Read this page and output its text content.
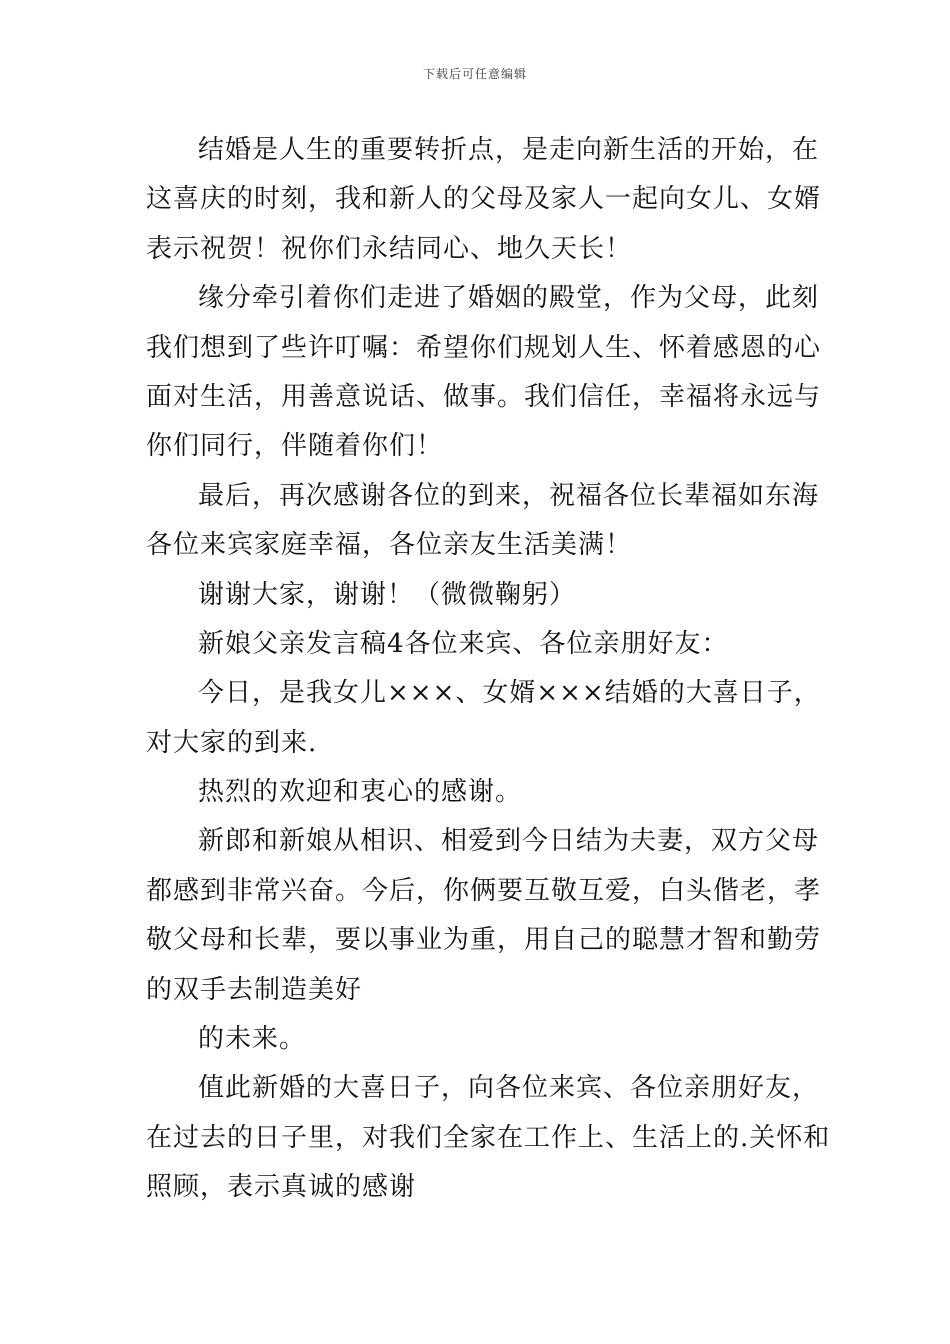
下载后可任意编辑
结婚是人生的重要转折点，是走向新生活的开始，在
这喜庆的时刻，我和新人的父母及家人一起向女儿、女婿
表示祝贺！祝你们永结同心、地久天长！
缘分牵引着你们走进了婚姻的殿堂，作为父母，此刻
我们想到了些许叮嘱：希望你们规划人生、怀着感恩的心
面对生活，用善意说话、做事。我们信任，幸福将永远与
你们同行，伴随着你们！
最后，再次感谢各位的到来，祝福各位长辈福如东海
各位来宾家庭幸福，各位亲友生活美满！
谢谢大家，谢谢！（微微鞠躬）
新娘父亲发言稿4各位来宾、各位亲朋好友：
今日，是我女儿×××、女婿×××结婚的大喜日子，
对大家的到来.
热烈的欢迎和衷心的感谢。
新郎和新娘从相识、相爱到今日结为夫妻，双方父母
都感到非常兴奋。今后，你俩要互敬互爱，白头偕老，孝
敬父母和长辈，要以事业为重，用自己的聪慧才智和勤劳
的双手去制造美好
的未来。
值此新婚的大喜日子，向各位来宾、各位亲朋好友，
在过去的日子里，对我们全家在工作上、生活上的.关怀和
照顾，表示真诚的感谢
